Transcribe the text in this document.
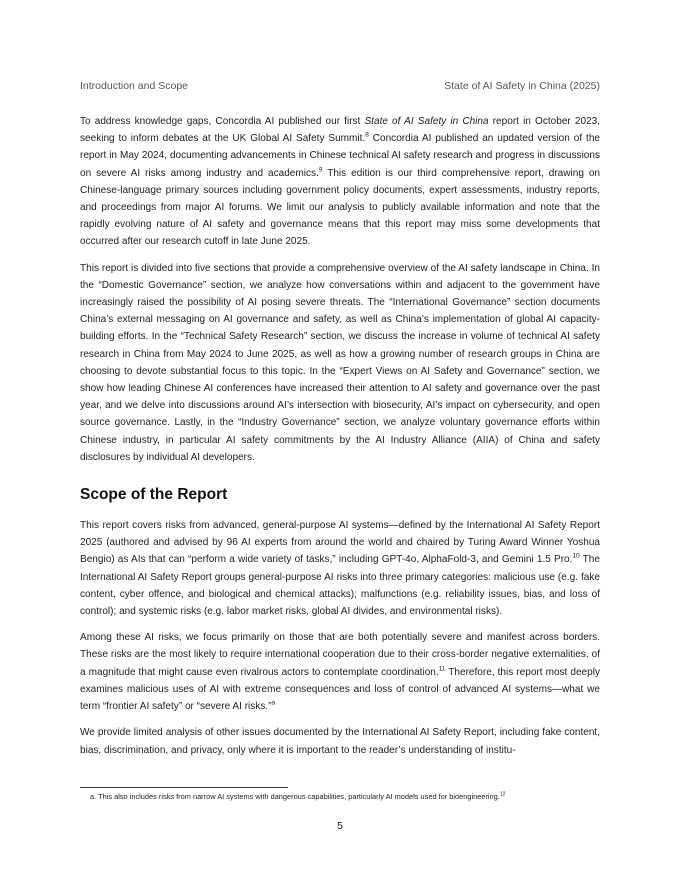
Introduction and Scope	State of AI Safety in China (2025)

To address knowledge gaps, Concordia AI published our first State of AI Safety in China report in October 2023, seeking to inform debates at the UK Global AI Safety Summit.$^8$ Concordia AI published an updated version of the report in May 2024, documenting advancements in Chinese technical AI safety research and progress in discussions on severe AI risks among industry and academics.$^9$ This edition is our third comprehensive report, drawing on Chinese-language primary sources including government policy documents, expert assessments, industry reports, and proceedings from major AI forums. We limit our analysis to publicly available information and note that the rapidly evolving nature of AI safety and governance means that this report may miss some developments that occurred after our research cutoff in late June 2025.

This report is divided into five sections that provide a comprehensive overview of the AI safety landscape in China. In the “Domestic Governance” section, we analyze how conversations within and adjacent to the government have increasingly raised the possibility of AI posing severe threats. The “International Governance” section documents China’s external messaging on AI governance and safety, as well as China’s implementation of global AI capacity-building efforts. In the “Technical Safety Research” section, we discuss the increase in volume of technical AI safety research in China from May 2024 to June 2025, as well as how a growing number of research groups in China are choosing to devote substantial focus to this topic. In the “Expert Views on AI Safety and Governance” section, we show how leading Chinese AI conferences have increased their attention to AI safety and governance over the past year, and we delve into discussions around AI’s intersection with biosecurity, AI’s impact on cybersecurity, and open source governance. Lastly, in the “Industry Governance” section, we analyze voluntary governance efforts within Chinese industry, in particular AI safety commitments by the AI Industry Alliance (AIIA) of China and safety disclosures by individual AI developers.

Scope of the Report

This report covers risks from advanced, general-purpose AI systems—defined by the International AI Safety Report 2025 (authored and advised by 96 AI experts from around the world and chaired by Turing Award Winner Yoshua Bengio) as AIs that can “perform a wide variety of tasks,” including GPT-4o, AlphaFold-3, and Gemini 1.5 Pro.$^{10}$ The International AI Safety Report groups general-purpose AI risks into three primary categories: malicious use (e.g. fake content, cyber offence, and biological and chemical attacks); malfunctions (e.g. reliability issues, bias, and loss of control); and systemic risks (e.g. labor market risks, global AI divides, and environmental risks).

Among these AI risks, we focus primarily on those that are both potentially severe and manifest across borders. These risks are the most likely to require international cooperation due to their cross-border negative externalities, of a magnitude that might cause even rivalrous actors to contemplate coordination.$^{11}$ Therefore, this report most deeply examines malicious uses of AI with extreme consequences and loss of control of advanced AI systems—what we term “frontier AI safety” or “severe AI risks.”$^a$

We provide limited analysis of other issues documented by the International AI Safety Report, including fake content, bias, discrimination, and privacy, only where it is important to the reader’s understanding of institu-

a. This also includes risks from narrow AI systems with dangerous capabilities, particularly AI models used for bioengineering.$^{12}$
5
